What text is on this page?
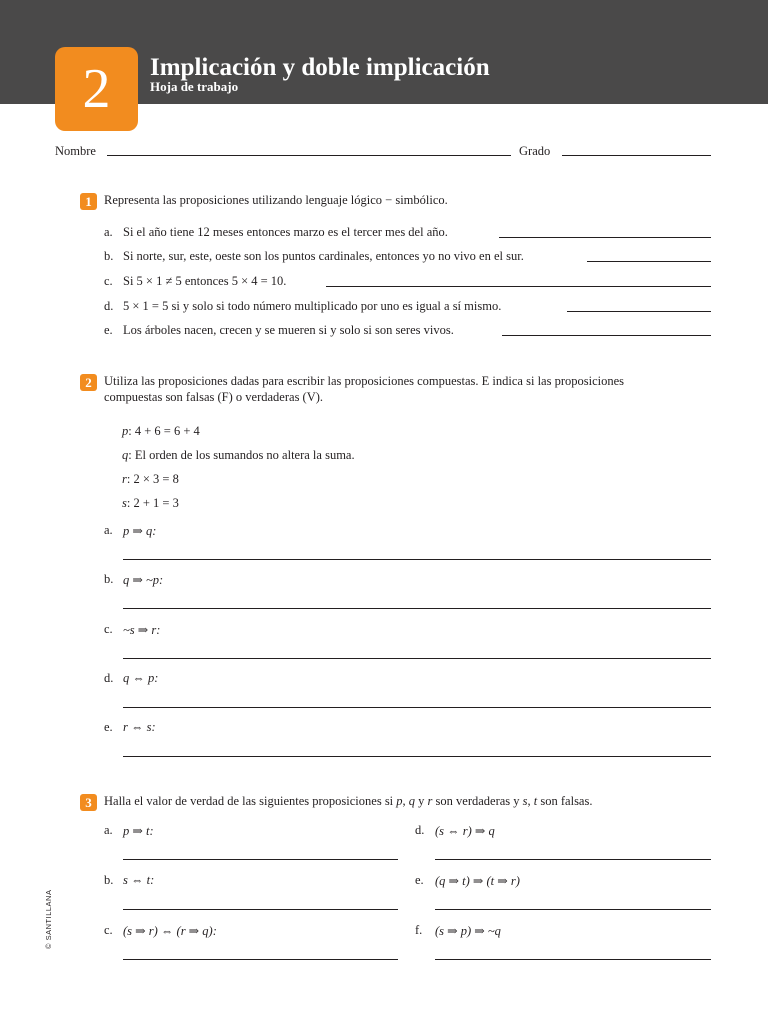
2	Implicación y doble implicación
Hoja de trabajo
Nombre	Grado
1 Representa las proposiciones utilizando lenguaje lógico − simbólico.
a. Si el año tiene 12 meses entonces marzo es el tercer mes del año.
b. Si norte, sur, este, oeste son los puntos cardinales, entonces yo no vivo en el sur.
c. Si 5 × 1 ≠ 5 entonces 5 × 4 = 10.
d. 5 × 1 = 5 si y solo si todo número multiplicado por uno es igual a sí mismo.
e. Los árboles nacen, crecen y se mueren si y solo si son seres vivos.
2 Utiliza las proposiciones dadas para escribir las proposiciones compuestas. E indica si las proposiciones
compuestas son falsas (F) o verdaderas (V).
p: 4 + 6 = 6 + 4
q: El orden de los sumandos no altera la suma.
r: 2 × 3 = 8
s: 2 + 1 = 3
a. p ⇒ q:
b. q ⇒ ~p:
c. ~s ⇒ r:
d. q ⇔ p:
e. r ⇔ s:
3 Halla el valor de verdad de las siguientes proposiciones si p, q y r son verdaderas y s, t son falsas.
a. p ⇒ t:
b. s ⇔ t:
c. (s ⇒ r) ⇔ (r ⇒ q):
d. (s ⇔ r) ⇒ q
e. (q ⇒ t) ⇒ (t ⇒ r)
f. (s ⇒ p) ⇒ ~q
© SANTILLANA
